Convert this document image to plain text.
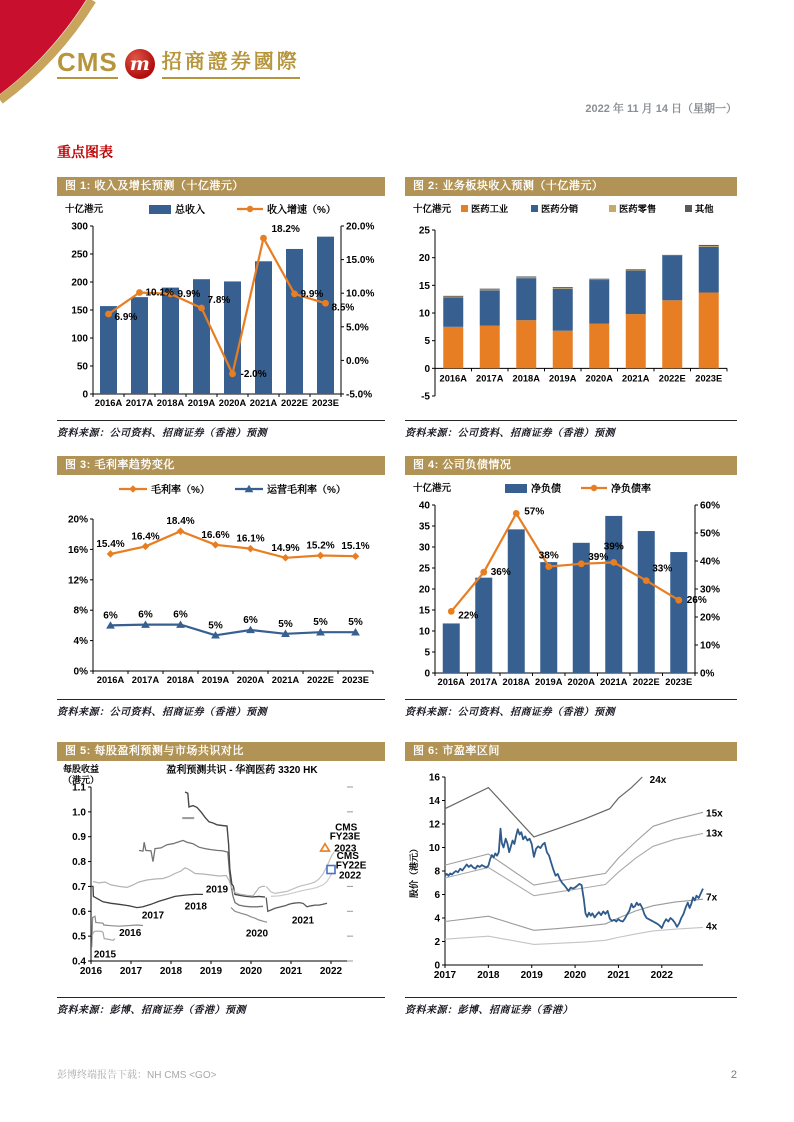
CMS m 招商證券國際
2022 年 11 月 14 日（星期一）
重点图表
图 1: 收入及增长预测（十亿港元）
十亿港元	总收入	收入增速（%）
0
50
100
150
200
250
300
-5.0%
0.0%
5.0%
10.0%
15.0%
20.0%
2016A 2017A 2018A 2019A 2020A 2021A 2022E 2023E
6.9%
10.1% 9.9%
7.8%
-2.0%
18.2%
9.9%
8.5%
资料来源：公司资料、招商证券（香港）预测
图 2: 业务板块收入预测（十亿港元）
十亿港元 医药工业	医药分销	医药零售	其他
-5
0
5
10
15
20
25
2016A 2017A 2018A 2019A 2020A 2021A 2022E 2023E
资料来源：公司资料、招商证券（香港）预测
图 3: 毛利率趋势变化
毛利率（%）	运营毛利率（%）
0%
4%
8%
12%
16%
20%
2016A 2017A 2018A 2019A 2020A 2021A 2022E 2023E
15.4%
16.4%
18.4%
16.6% 16.1%
14.9% 15.2% 15.1%
6% 6% 6%
5% 6% 5% 5% 5%
资料来源：公司资料、招商证券（香港）预测
图 4: 公司负债情况
十亿港元	净负债	净负债率
0
5
10
15
20
25
30
35
40
0%
10%
20%
30%
40%
50%
60%
2016A 2017A 2018A 2019A 2020A 2021A 2022E 2023E
22%
36%
57%
38%	39%
39%
33%
26%
资料来源：公司资料、招商证券（香港）预测
图 5: 每股盈利预测与市场共识对比
盈利预测共识 - 华润医药 3320 HK
每股收益
（港元）
0.4
0.5
0.6
0.7
0.8
0.9
1.0
1.1
2016 2017 2018 2019 2020 2021 2022
2015
2016
2017
2018
2019
2020
2021
CMS
FY23E
2023
CMS
FY22E
2022
资料来源：彭博、招商证券（香港）预测
图 6: 市盈率区间
股价（港元）
0
2
4
6
8
10
12
14
16
2017 2018 2019 2020 2021 2022
24x
15x
13x
7x
4x
资料来源：彭博、招商证券（香港）
彭博终端报告下载：NH CMS <GO>	2
